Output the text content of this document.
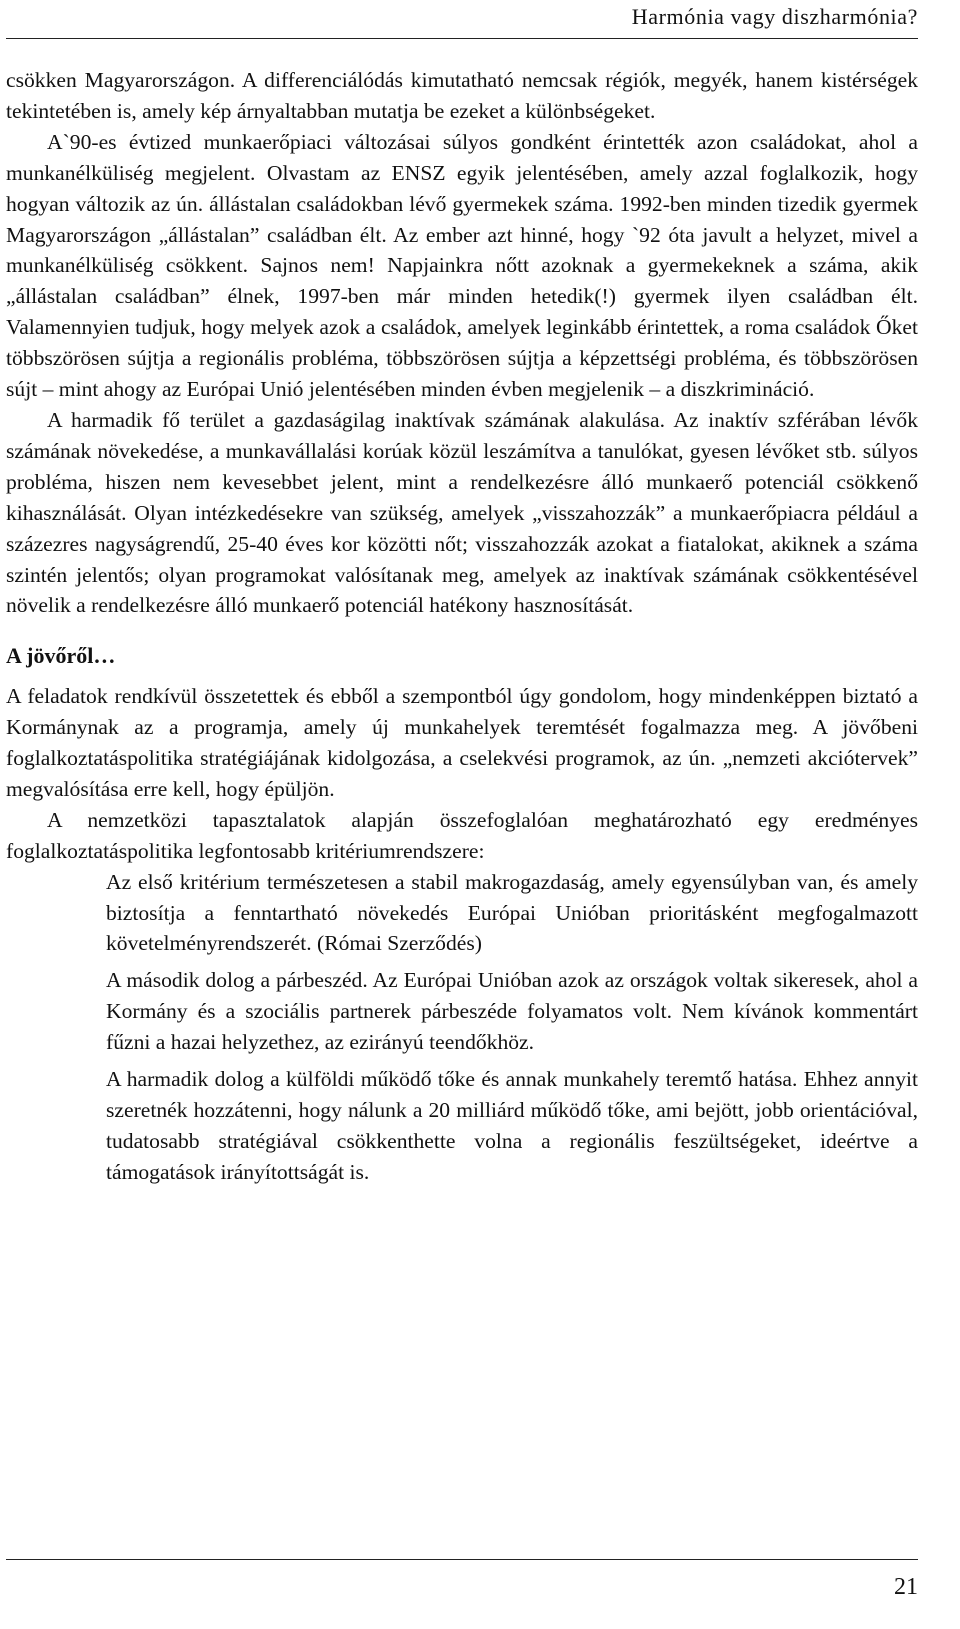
Harmónia vagy diszharmónia?

csökken Magyarországon. A differenciálódás kimutatható nemcsak régiók, megyék, hanem kistérségek tekintetében is, amely kép árnyaltabban mutatja be ezeket a különbségeket.

A`90-es évtized munkaerőpiaci változásai súlyos gondként érintették azon családokat, ahol a munkanélküliség megjelent. Olvastam az ENSZ egyik jelentésében, amely azzal foglalkozik, hogy hogyan változik az ún. állástalan családokban lévő gyermekek száma. 1992-ben minden tizedik gyermek Magyarországon „állástalan” családban élt. Az ember azt hinné, hogy `92 óta javult a helyzet, mivel a munkanélküliség csökkent. Sajnos nem! Napjainkra nőtt azoknak a gyermekeknek a száma, akik „állástalan családban” élnek, 1997-ben már minden hetedik(!) gyermek ilyen családban élt. Valamennyien tudjuk, hogy melyek azok a családok, amelyek leginkább érintettek, a roma családok Őket többszörösen sújtja a regionális probléma, többszörösen sújtja a képzettségi probléma, és többszörösen sújt – mint ahogy az Európai Unió jelentésében minden évben megjelenik – a diszkrimináció.

A harmadik fő terület a gazdaságilag inaktívak számának alakulása. Az inaktív szférában lévők számának növekedése, a munkavállalási korúak közül leszámítva a tanulókat, gyesen lévőket stb. súlyos probléma, hiszen nem kevesebbet jelent, mint a rendelkezésre álló munkaerő potenciál csökkenő kihasználását. Olyan intézkedésekre van szükség, amelyek „visszahozzák” a munkaerőpiacra például a százezres nagyságrendű, 25-40 éves kor közötti nőt; visszahozzák azokat a fiatalokat, akiknek a száma szintén jelentős; olyan programokat valósítanak meg, amelyek az inaktívak számának csökkentésével növelik a rendelkezésre álló munkaerő potenciál hatékony hasznosítását.

A jövőről…

A feladatok rendkívül összetettek és ebből a szempontból úgy gondolom, hogy mindenképpen biztató a Kormánynak az a programja, amely új munkahelyek teremtését fogalmazza meg. A jövőbeni foglalkoztatáspolitika stratégiájának kidolgozása, a cselekvési programok, az ún. „nemzeti akciótervek” megvalósítása erre kell, hogy épüljön.

A nemzetközi tapasztalatok alapján összefoglalóan meghatározható egy eredményes foglalkoztatáspolitika legfontosabb kritériumrendszere:

Az első kritérium természetesen a stabil makrogazdaság, amely egyensúlyban van, és amely biztosítja a fenntartható növekedés Európai Unióban prioritásként megfogalmazott követelményrendszerét. (Római Szerződés)

A második dolog a párbeszéd. Az Európai Unióban azok az országok voltak sikeresek, ahol a Kormány és a szociális partnerek párbeszéde folyamatos volt. Nem kívánok kommentárt fűzni a hazai helyzethez, az ezirányú teendőkhöz.

A harmadik dolog a külföldi működő tőke és annak munkahely teremtő hatása. Ehhez annyit szeretnék hozzátenni, hogy nálunk a 20 milliárd működő tőke, ami bejött, jobb orientációval, tudatosabb stratégiával csökkenthette volna a regionális feszültségeket, ideértve a támogatások irányítottságát is.

21
